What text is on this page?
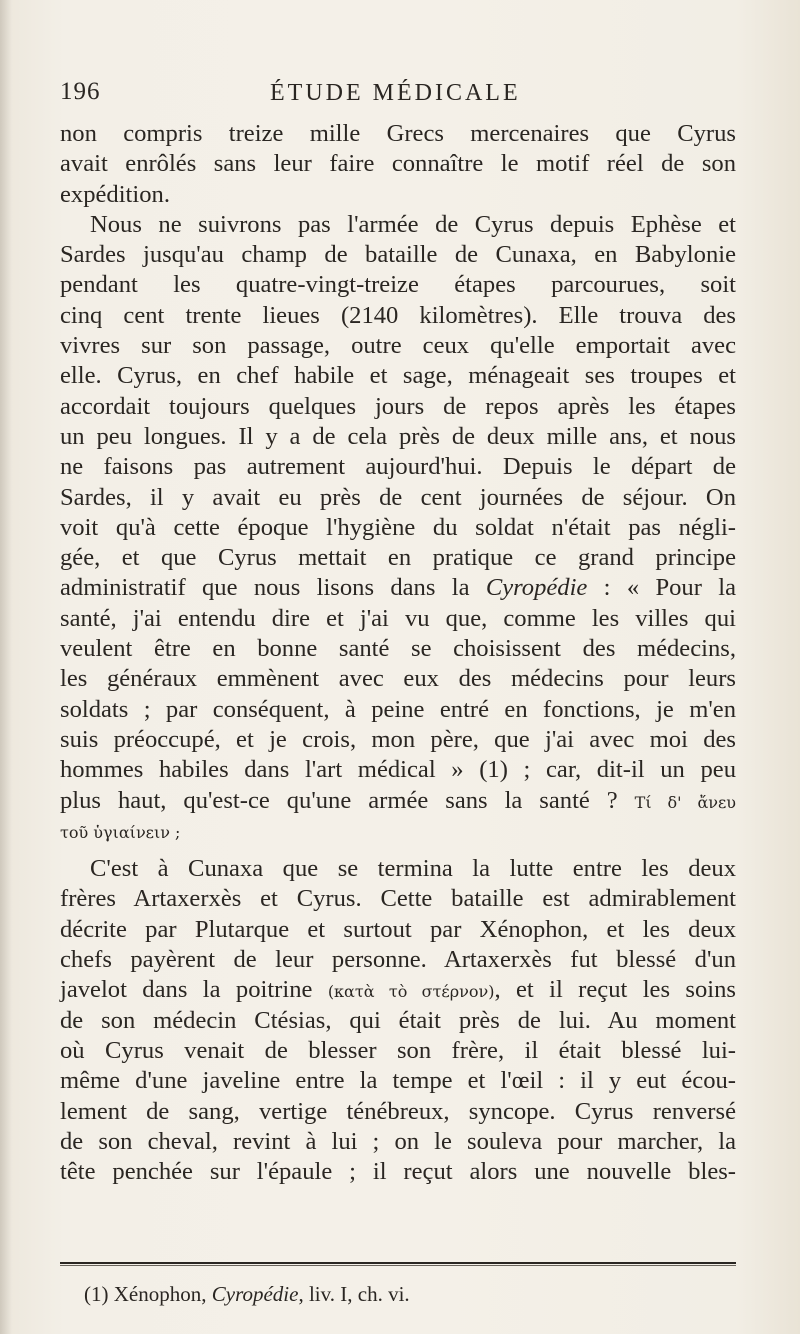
196	ÉTUDE MÉDICALE
non compris treize mille Grecs mercenaires que Cyrus
avait enrôlés sans leur faire connaître le motif réel de son
expédition.
Nous ne suivrons pas l'armée de Cyrus depuis Ephèse et
Sardes jusqu'au champ de bataille de Cunaxa, en Babylonie
pendant les quatre-vingt-treize étapes parcourues, soit
cinq cent trente lieues (2140 kilomètres). Elle trouva des
vivres sur son passage, outre ceux qu'elle emportait avec
elle. Cyrus, en chef habile et sage, ménageait ses troupes et
accordait toujours quelques jours de repos après les étapes
un peu longues. Il y a de cela près de deux mille ans, et nous
ne faisons pas autrement aujourd'hui. Depuis le départ de
Sardes, il y avait eu près de cent journées de séjour. On
voit qu'à cette époque l'hygiène du soldat n'était pas négli-
gée, et que Cyrus mettait en pratique ce grand principe
administratif que nous lisons dans la Cyropédie : « Pour la
santé, j'ai entendu dire et j'ai vu que, comme les villes qui
veulent être en bonne santé se choisissent des médecins,
les généraux emmènent avec eux des médecins pour leurs
soldats ; par conséquent, à peine entré en fonctions, je m'en
suis préoccupé, et je crois, mon père, que j'ai avec moi des
hommes habiles dans l'art médical » (1) ; car, dit-il un peu
plus haut, qu'est-ce qu'une armée sans la santé ? Τί δ' ἄνευ
τοῦ ὑγιαίνειν ;
C'est à Cunaxa que se termina la lutte entre les deux
frères Artaxerxès et Cyrus. Cette bataille est admirablement
décrite par Plutarque et surtout par Xénophon, et les deux
chefs payèrent de leur personne. Artaxerxès fut blessé d'un
javelot dans la poitrine (κατὰ τὸ στέρνον), et il reçut les soins
de son médecin Ctésias, qui était près de lui. Au moment
où Cyrus venait de blesser son frère, il était blessé lui-
même d'une javeline entre la tempe et l'œil : il y eut écou-
lement de sang, vertige ténébreux, syncope. Cyrus renversé
de son cheval, revint à lui ; on le souleva pour marcher, la
tête penchée sur l'épaule ; il reçut alors une nouvelle bles-
(1) Xénophon, Cyropédie, liv. I, ch. vi.
